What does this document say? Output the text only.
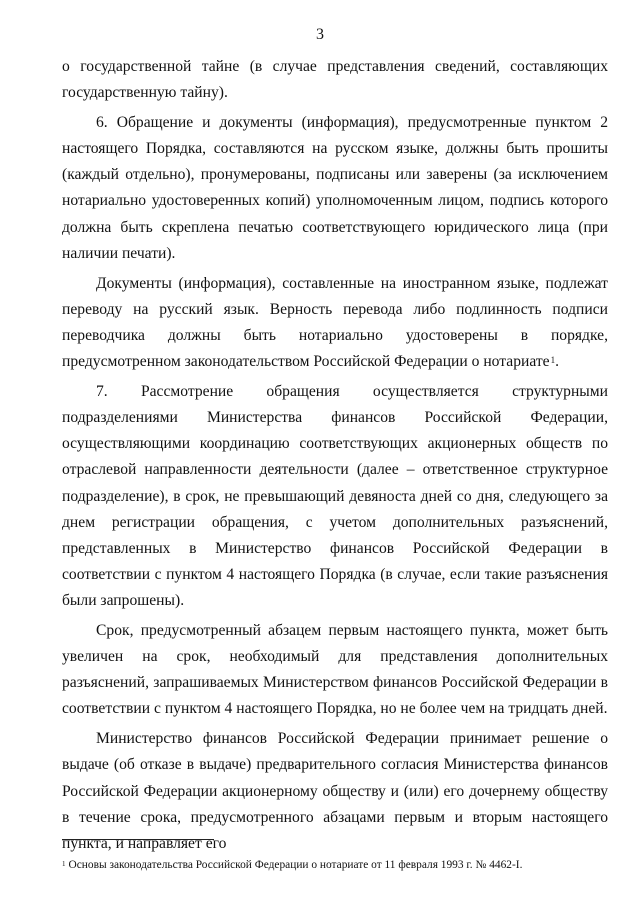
3

о государственной тайне (в случае представления сведений, составляющих государственную тайну).

6. Обращение и документы (информация), предусмотренные пунктом 2 настоящего Порядка, составляются на русском языке, должны быть прошиты (каждый отдельно), пронумерованы, подписаны или заверены (за исключением нотариально удостоверенных копий) уполномоченным лицом, подпись которого должна быть скреплена печатью соответствующего юридического лица (при наличии печати).

Документы (информация), составленные на иностранном языке, подлежат переводу на русский язык. Верность перевода либо подлинность подписи переводчика должны быть нотариально удостоверены в порядке, предусмотренном законодательством Российской Федерации о нотариате$^1$.

7. Рассмотрение обращения осуществляется структурными подразделениями Министерства финансов Российской Федерации, осуществляющими координацию соответствующих акционерных обществ по отраслевой направленности деятельности (далее – ответственное структурное подразделение), в срок, не превышающий девяноста дней со дня, следующего за днем регистрации обращения, с учетом дополнительных разъяснений, представленных в Министерство финансов Российской Федерации в соответствии с пунктом 4 настоящего Порядка (в случае, если такие разъяснения были запрошены).

Срок, предусмотренный абзацем первым настоящего пункта, может быть увеличен на срок, необходимый для представления дополнительных разъяснений, запрашиваемых Министерством финансов Российской Федерации в соответствии с пунктом 4 настоящего Порядка, но не более чем на тридцать дней.

Министерство финансов Российской Федерации принимает решение о выдаче (об отказе в выдаче) предварительного согласия Министерства финансов Российской Федерации акционерному обществу и (или) его дочернему обществу в течение срока, предусмотренного абзацами первым и вторым настоящего пункта, и направляет его

$^1$ Основы законодательства Российской Федерации о нотариате от 11 февраля 1993 г. № 4462-I.
